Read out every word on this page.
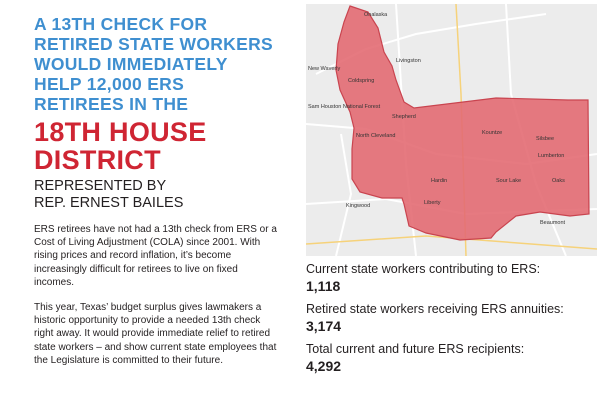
A 13TH CHECK FOR
RETIRED STATE WORKERS
WOULD IMMEDIATELY
HELP 12,000 ERS
RETIREES IN THE
18TH HOUSE
DISTRICT

REPRESENTED BY
REP. ERNEST BAILES

ERS retirees have not had a 13th check from ERS or a Cost of Living Adjustment (COLA) since 2001. With rising prices and record inflation, it’s become increasingly difficult for retirees to live on fixed incomes.

This year, Texas’ budget surplus gives lawmakers a historic opportunity to provide a needed 13th check right away. It would provide immediate relief to retired state workers – and show current state employees that the Legislature is committed to their future.

Onalaska
Livingston
New Waverly
Coldspring
Sam Houston National Forest
Shepherd
North Cleveland	Kountze
Silsbee
Lumberton
Hardin	Sour Lake	Oaks
Kingwood	Liberty
Beaumont

Current state workers contributing to ERS:

1,118

Retired state workers receiving ERS annuities:

3,174

Total current and future ERS recipients:

4,292
